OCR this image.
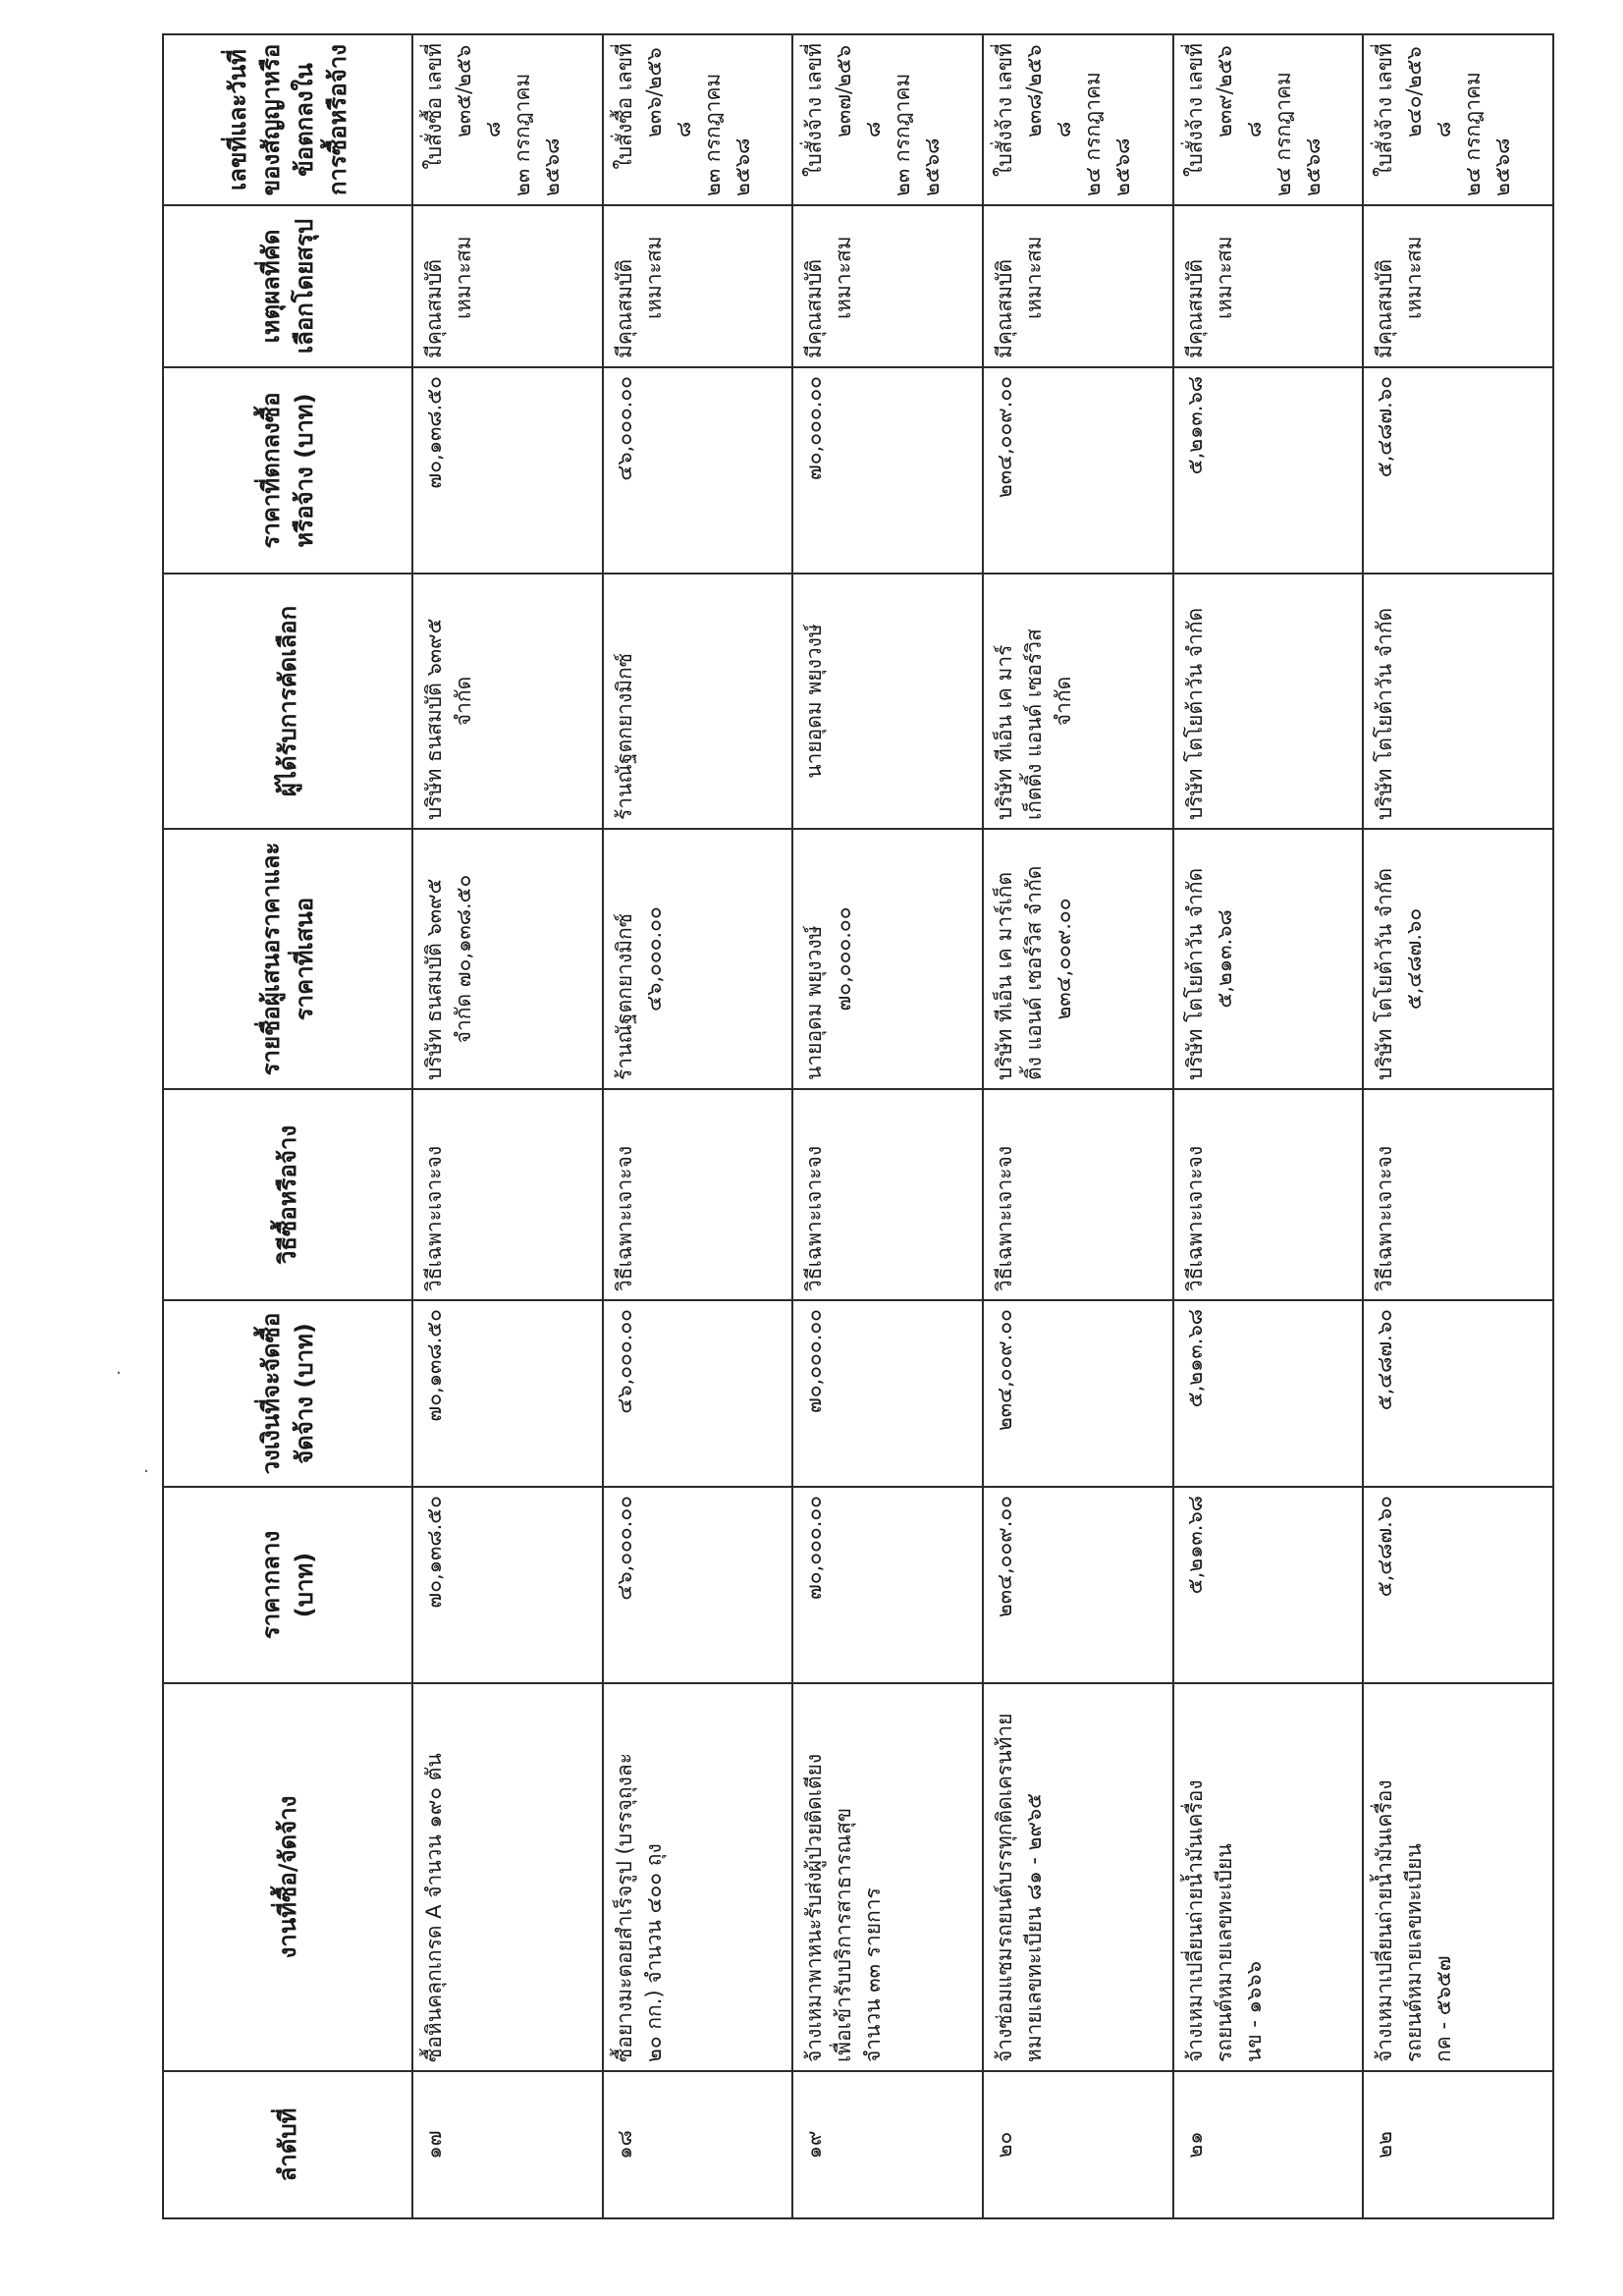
ลำดับที่	งานที่ซื้อ/จัดจ้าง	ราคากลาง (บาท)	วงเงินที่จะจัดซื้อจัดจ้าง (บาท)	วิธีซื้อหรือจ้าง	รายชื่อผู้เสนอราคาและราคาที่เสนอ	ผู้ได้รับการคัดเลือก	ราคาที่ตกลงซื้อหรือจ้าง (บาท)	เหตุผลที่คัดเลือกโดยสรุป	เลขที่และวันที่ของสัญญาหรือข้อตกลงในการซื้อหรือจ้าง
๑๗	ซื้อหินคลุกเกรด A จำนวน ๑๙๐ ตัน	๗๐,๑๓๘.๕๐	๗๐,๑๓๘.๕๐	วิธีเฉพาะเจาะจง	บริษัท ธนสมบัติ ๖๓๙๕ จำกัด ๗๐,๑๓๘.๕๐	บริษัท ธนสมบัติ ๖๓๙๕ จำกัด	๗๐,๑๓๘.๕๐	มีคุณสมบัติ เหมาะสม	ใบสั่งซื้อ เลขที่ ๒๓๕/๒๕๖๘ ๒๓ กรกฎาคม ๒๕๖๘

๑๘	ซื้อยางมะตอยสำเร็จรูป (บรรจุถุงละ ๒๐ กก.) จำนวน ๔๐๐ ถุง	๔๖,๐๐๐.๐๐	๔๖,๐๐๐.๐๐	วิธีเฉพาะเจาะจง	ร้านณัฐตกยางมิกซ์ ๔๖,๐๐๐.๐๐	ร้านณัฐตกยางมิกซ์	๔๖,๐๐๐.๐๐	มีคุณสมบัติ เหมาะสม	ใบสั่งซื้อ เลขที่ ๒๓๖/๒๕๖๘ ๒๓ กรกฎาคม ๒๕๖๘

๑๙	จ้างเหมาพาหนะรับส่งผู้ป่วยติดเตียง เพื่อเข้ารับบริการสาธารณสุข จำนวน ๓๓ รายการ	๗๐,๐๐๐.๐๐	๗๐,๐๐๐.๐๐	วิธีเฉพาะเจาะจง	นายอุดม พยุงวงษ์ ๗๐,๐๐๐.๐๐	นายอุดม พยุงวงษ์	๗๐,๐๐๐.๐๐	มีคุณสมบัติ เหมาะสม	ใบสั่งจ้าง เลขที่ ๒๓๗/๒๕๖๘ ๒๓ กรกฎาคม ๒๕๖๘

๒๐	จ้างซ่อมแซมรถยนต์บรรทุกติดเครนท้าย หมายเลขทะเบียน ๘๑ - ๒๙๖๕	๒๓๔,๐๐๙.๐๐	๒๓๔,๐๐๙.๐๐	วิธีเฉพาะเจาะจง	บริษัท ทีเอ็น เค มาร์เก็ต ติ้ง แอนด์ เซอร์วิส จำกัด ๒๓๔,๐๐๙.๐๐	บริษัท ทีเอ็น เค มาร์ เก็ตติ้ง แอนด์ เซอร์วิส จำกัด	๒๓๔,๐๐๙.๐๐	มีคุณสมบัติ เหมาะสม	ใบสั่งจ้าง เลขที่ ๒๓๘/๒๕๖๘ ๒๔ กรกฎาคม ๒๕๖๘

๒๑	จ้างเหมาเปลี่ยนถ่ายน้ำมันเครื่อง รถยนต์หมายเลขทะเบียน นข - ๑๖๖๖	๕,๒๑๓.๖๘	๕,๒๑๓.๖๘	วิธีเฉพาะเจาะจง	บริษัท โตโยต้าวัน จำกัด ๕,๒๑๓.๖๘	บริษัท โตโยต้าวัน จำกัด	๕,๒๑๓.๖๘	มีคุณสมบัติ เหมาะสม	ใบสั่งจ้าง เลขที่ ๒๓๙/๒๕๖๘ ๒๔ กรกฎาคม ๒๕๖๘

๒๒	จ้างเหมาเปลี่ยนถ่ายน้ำมันเครื่อง รถยนต์หมายเลขทะเบียน กค - ๕๖๕๗	๕,๔๘๗.๖๐	๕,๔๘๗.๖๐	วิธีเฉพาะเจาะจง	บริษัท โตโยต้าวัน จำกัด ๕,๔๘๗.๖๐	บริษัท โตโยต้าวัน จำกัด	๕,๔๘๗.๖๐	มีคุณสมบัติ เหมาะสม	ใบสั่งจ้าง เลขที่ ๒๔๐/๒๕๖๘ ๒๔ กรกฎาคม ๒๕๖๘
·
·
